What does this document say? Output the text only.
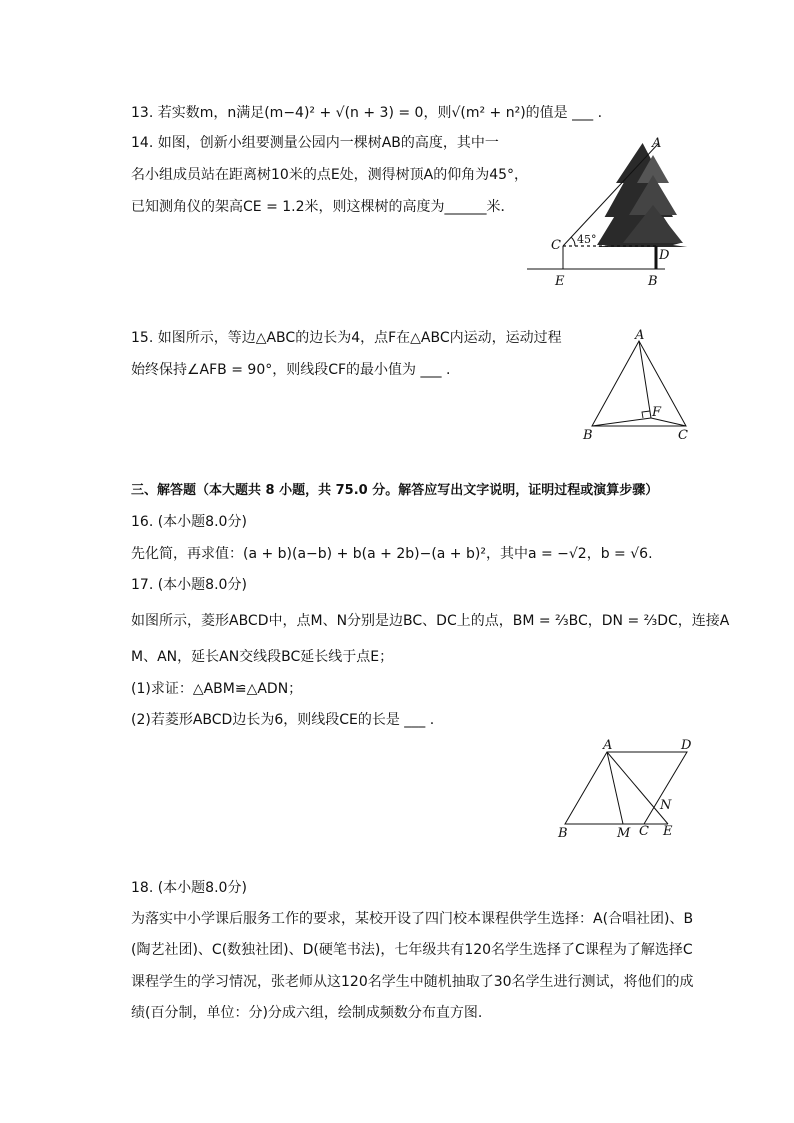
13. 若实数m，n满足(m−4)² + √(n + 3) = 0，则√(m² + n²)的值是 ___ .
14. 如图，创新小组要测量公园内一棵树AB的高度，其中一
名小组成员站在距离树10米的点E处，测得树顶A的仰角为45°，
已知测角仪的架高CE = 1.2米，则这棵树的高度为______米．
A
C 45°
D
E	B
15. 如图所示，等边△ABC的边长为4，点F在△ABC内运动，运动过程
始终保持∠AFB = 90°，则线段CF的最小值为 ___ .
A
F
B	C
三、解答题（本大题共 8 小题，共 75.0 分。解答应写出文字说明，证明过程或演算步骤）
16. (本小题8.0分)
先化简，再求值：(a + b)(a−b) + b(a + 2b)−(a + b)²，其中a = −√2，b = √6.
17. (本小题8.0分)
如图所示，菱形ABCD中，点M、N分别是边BC、DC上的点，BM = ⅔BC，DN = ⅔DC，连接A
M、AN，延长AN交线段BC延长线于点E；
(1)求证：△ABM≌△ADN；
(2)若菱形ABCD边长为6，则线段CE的长是 ___ .
A	D
N
B	M C E
18. (本小题8.0分)
为落实中小学课后服务工作的要求，某校开设了四门校本课程供学生选择：A(合唱社团)、B
(陶艺社团)、C(数独社团)、D(硬笔书法)，七年级共有120名学生选择了C课程为了解选择C
课程学生的学习情况，张老师从这120名学生中随机抽取了30名学生进行测试，将他们的成
绩(百分制，单位：分)分成六组，绘制成频数分布直方图.
